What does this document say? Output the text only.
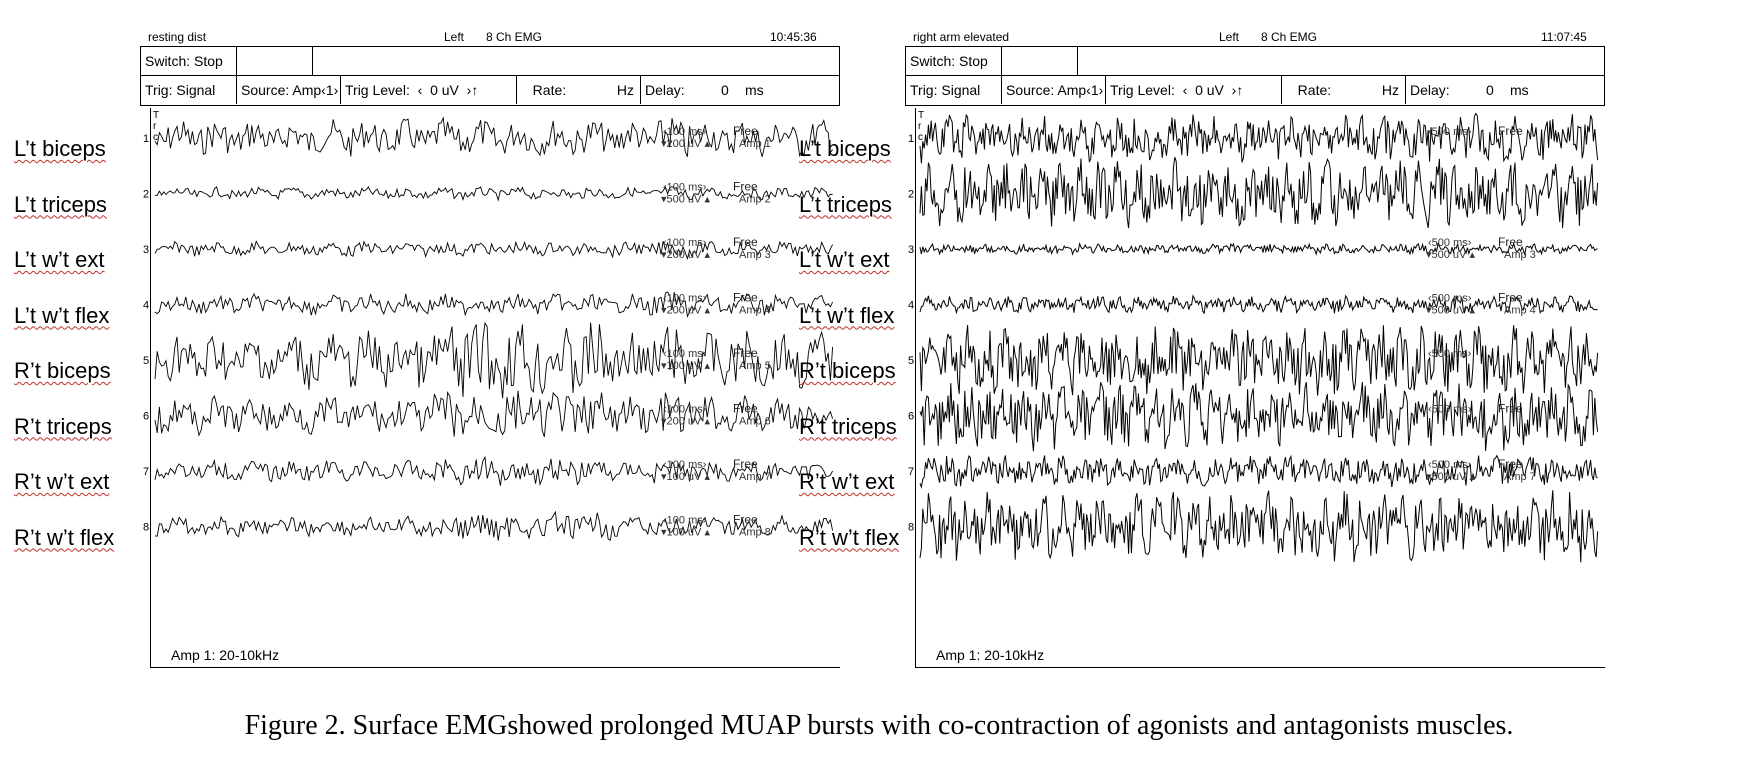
resting dist	Left 8 Ch EMG	10:45:36
Switch: Stop
Trig: Signal	Source: Amp‹1› Trig Level:  ‹  0 uV  ›↑	Rate:	Hz Delay:	0 ms
T
r
c
1
‹100 ms›
▾200 uV ▴
Free
Amp 1
2
‹100 ms›
▾500 uV ▴
Free
Amp 2
3
‹100 ms›
▾200 uV ▴
Free
Amp 3
4
‹100 ms›
▾200 uV ▴
Free
Amp 4
5
‹100 ms›
▾100 uV ▴
Free
Amp 5
6
‹100 ms›
▾200 uV ▴
Free
Amp 6
7
‹100 ms›
▾100 uV ▴
Free
Amp 7
8
‹100 ms›
▾100 uV ▴
Free
Amp 8
Amp 1: 20-10kHz
L’t biceps
L’t triceps
L’t w’t ext
L’t w’t flex
R’t biceps
R’t triceps
R’t w’t ext
R’t w’t flex
right arm elevated	Left 8 Ch EMG	11:07:45
Switch: Stop
Trig: Signal	Source: Amp‹1› Trig Level:  ‹  0 uV  ›↑	Rate:	Hz Delay:	0 ms
T
r
c
1
‹500 ms› Free
2
3
‹500 ms›
▾500 uV ▴
Free
Amp 3
4
‹500 ms›
▾500 uV ▴
Free
Amp 4
5
‹500 ms›
6
‹500 ms› Free
7
‹500 ms›
▾500 uV ▴
Free
Amp 7
8
Amp 1: 20-10kHz
L’t biceps
L’t triceps
L’t w’t ext
L’t w’t flex
R’t biceps
R’t triceps
R’t w’t ext
R’t w’t flex
Figure 2. Surface EMGshowed prolonged MUAP bursts with co-contraction of agonists and antagonists muscles.
